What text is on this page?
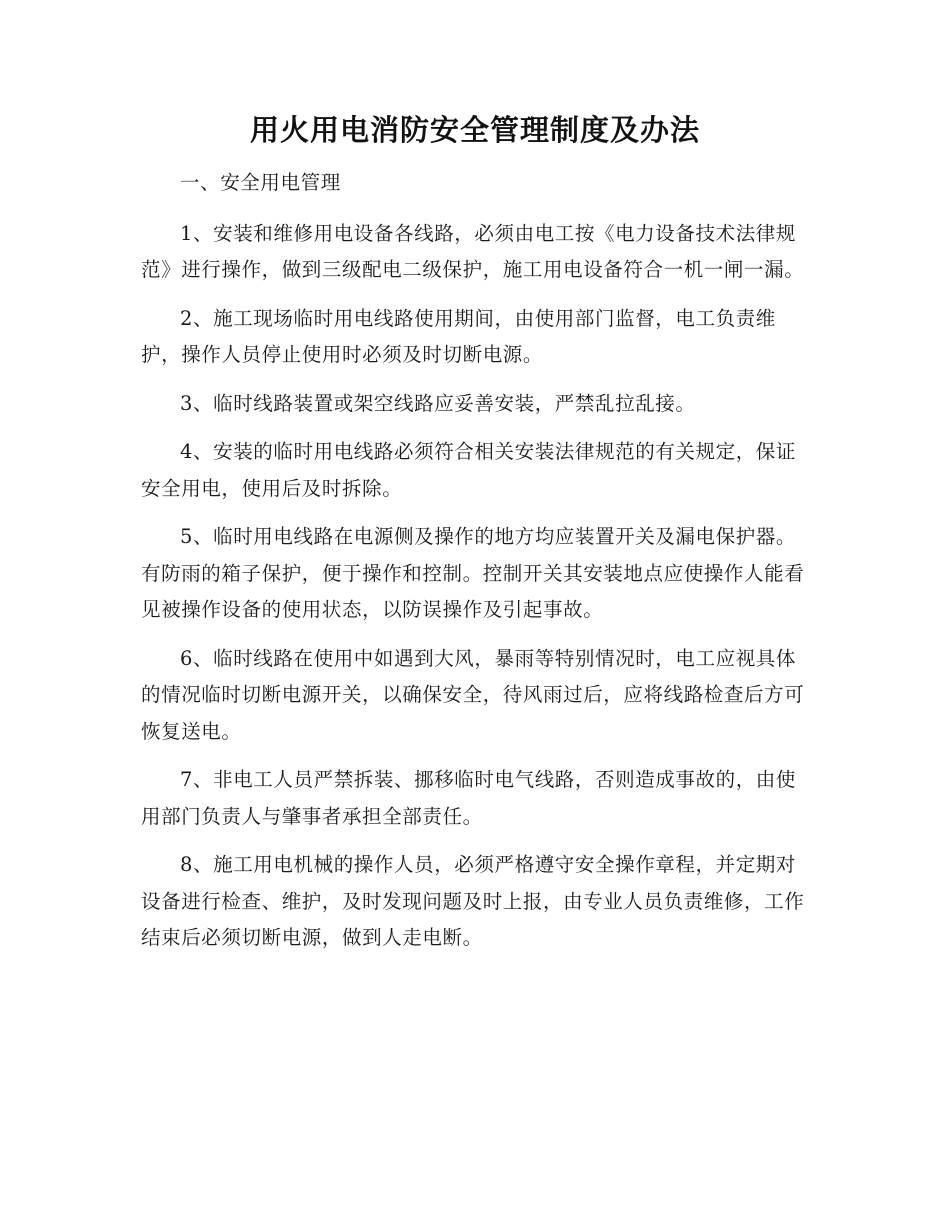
用火用电消防安全管理制度及办法

一、安全用电管理

1、安装和维修用电设备各线路，必须由电工按《电力设备技术法律规范》进行操作，做到三级配电二级保护，施工用电设备符合一机一闸一漏。

2、施工现场临时用电线路使用期间，由使用部门监督，电工负责维护，操作人员停止使用时必须及时切断电源。

3、临时线路装置或架空线路应妥善安装，严禁乱拉乱接。

4、安装的临时用电线路必须符合相关安装法律规范的有关规定，保证安全用电，使用后及时拆除。

5、临时用电线路在电源侧及操作的地方均应装置开关及漏电保护器。有防雨的箱子保护，便于操作和控制。控制开关其安装地点应使操作人能看见被操作设备的使用状态，以防误操作及引起事故。

6、临时线路在使用中如遇到大风，暴雨等特别情况时，电工应视具体的情况临时切断电源开关，以确保安全，待风雨过后，应将线路检查后方可恢复送电。

7、非电工人员严禁拆装、挪移临时电气线路，否则造成事故的，由使用部门负责人与肇事者承担全部责任。

8、施工用电机械的操作人员，必须严格遵守安全操作章程，并定期对设备进行检查、维护，及时发现问题及时上报，由专业人员负责维修，工作结束后必须切断电源，做到人走电断。
